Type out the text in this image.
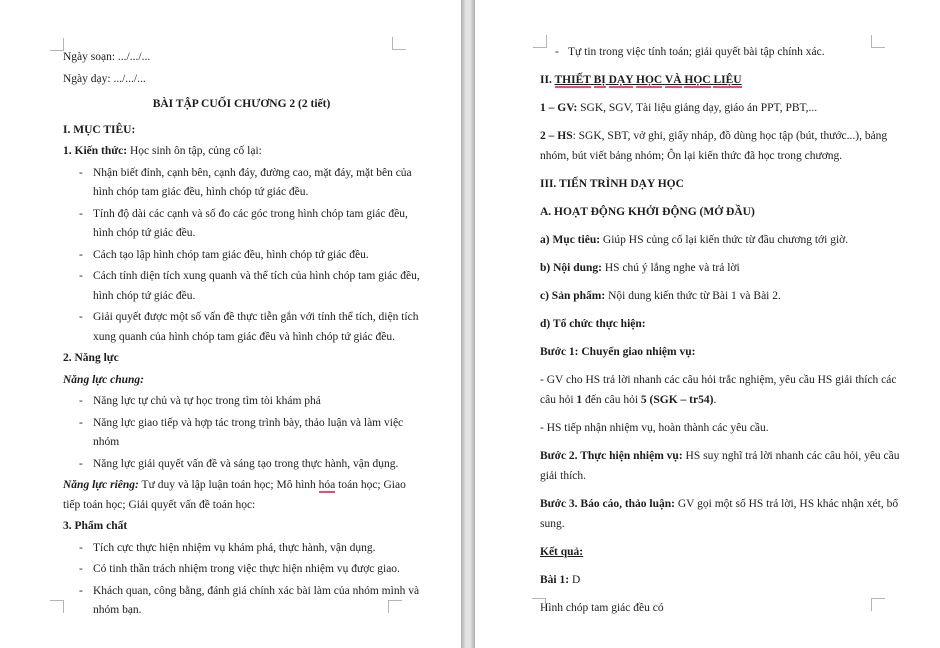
Ngày soạn: .../.../...
Ngày dạy: .../.../...
BÀI TẬP CUỐI CHƯƠNG 2 (2 tiết)
I. MỤC TIÊU:
1. Kiến thức: Học sinh ôn tập, củng cố lại:
- Nhận biết đỉnh, cạnh bên, cạnh đáy, đường cao, mặt đáy, mặt bên của hình chóp tam giác đều, hình chóp tứ giác đều.
- Tính độ dài các cạnh và số đo các góc trong hình chóp tam giác đều, hình chóp tứ giác đều.
- Cách tạo lập hình chóp tam giác đều, hình chóp tứ giác đều.
- Cách tính diện tích xung quanh và thể tích của hình chóp tam giác đều, hình chóp tứ giác đều.
- Giải quyết được một số vấn đề thực tiễn gắn với tính thể tích, diện tích xung quanh của hình chóp tam giác đều và hình chóp tứ giác đều.
2. Năng lực
Năng lực chung:
- Năng lực tự chủ và tự học trong tìm tòi khám phá
- Năng lực giao tiếp và hợp tác trong trình bày, thảo luận và làm việc nhóm
- Năng lực giải quyết vấn đề và sáng tạo trong thực hành, vận dụng.
Năng lực riêng: Tư duy và lập luận toán học; Mô hình hóa toán học; Giao tiếp toán học; Giải quyết vấn đề toán học:
3. Phẩm chất
- Tích cực thực hiện nhiệm vụ khám phá, thực hành, vận dụng.
- Có tinh thần trách nhiệm trong việc thực hiện nhiệm vụ được giao.
- Khách quan, công bằng, đánh giá chính xác bài làm của nhóm mình và nhóm bạn.
- Tự tin trong việc tính toán; giải quyết bài tập chính xác.
II. THIẾT BỊ DẠY HỌC VÀ HỌC LIỆU
1 – GV: SGK, SGV, Tài liệu giảng dạy, giáo án PPT, PBT,...
2 – HS: SGK, SBT, vở ghi, giấy nháp, đồ dùng học tập (bút, thước...), bảng nhóm, bút viết bảng nhóm; Ôn lại kiến thức đã học trong chương.
III. TIẾN TRÌNH DẠY HỌC
A. HOẠT ĐỘNG KHỞI ĐỘNG (MỞ ĐẦU)
a) Mục tiêu: Giúp HS củng cố lại kiến thức từ đầu chương tới giờ.
b) Nội dung: HS chú ý lắng nghe và trả lời
c) Sản phẩm: Nội dung kiến thức từ Bài 1 và Bài 2.
d) Tổ chức thực hiện:
Bước 1: Chuyển giao nhiệm vụ:
- GV cho HS trả lời nhanh các câu hỏi trắc nghiệm, yêu cầu HS giải thích các câu hỏi 1 đến câu hỏi 5 (SGK – tr54).
- HS tiếp nhận nhiệm vụ, hoàn thành các yêu cầu.
Bước 2. Thực hiện nhiệm vụ: HS suy nghĩ trả lời nhanh các câu hỏi, yêu cầu giải thích.
Bước 3. Báo cáo, thảo luận: GV gọi một số HS trả lời, HS khác nhận xét, bổ sung.
Kết quả:
Bài 1: D
Hình chóp tam giác đều có
